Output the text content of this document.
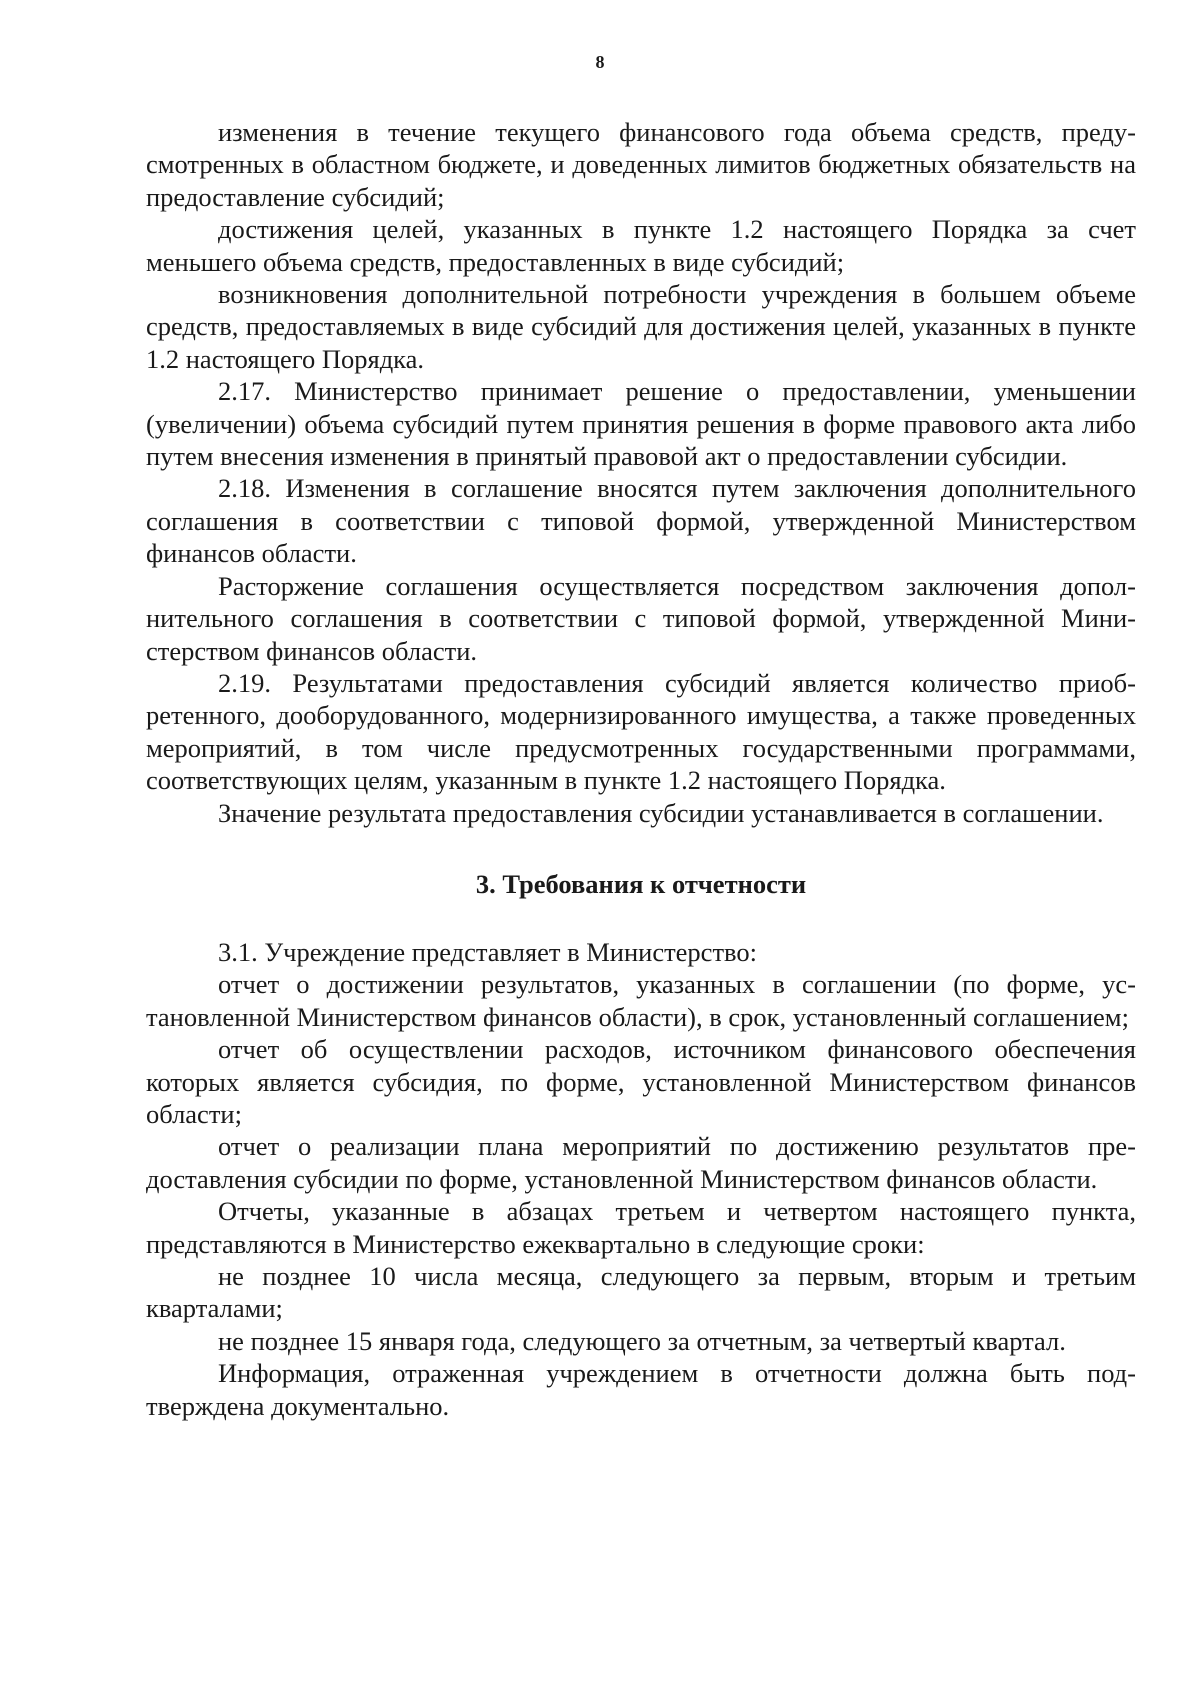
8

изменения в течение текущего финансового года объема средств, предусмотренных в областном бюджете, и доведенных лимитов бюджетных обязательств на предоставление субсидий;

достижения целей, указанных в пункте 1.2 настоящего Порядка за счет меньшего объема средств, предоставленных в виде субсидий;

возникновения дополнительной потребности учреждения в большем объеме средств, предоставляемых в виде субсидий для достижения целей, указанных в пункте 1.2 настоящего Порядка.

2.17. Министерство принимает решение о предоставлении, уменьшении (увеличении) объема субсидий путем принятия решения в форме правового акта либо путем внесения изменения в принятый правовой акт о предоставлении субсидии.

2.18. Изменения в соглашение вносятся путем заключения дополнительного соглашения в соответствии с типовой формой, утвержденной Министерством финансов области.

Расторжение соглашения осуществляется посредством заключения дополнительного соглашения в соответствии с типовой формой, утвержденной Министерством финансов области.

2.19. Результатами предоставления субсидий является количество приобретенного, дооборудованного, модернизированного имущества, а также проведенных мероприятий, в том числе предусмотренных государственными программами, соответствующих целям, указанным в пункте 1.2 настоящего Порядка.

Значение результата предоставления субсидии устанавливается в соглашении.

3. Требования к отчетности

3.1. Учреждение представляет в Министерство:

отчет о достижении результатов, указанных в соглашении (по форме, установленной Министерством финансов области), в срок, установленный соглашением;

отчет об осуществлении расходов, источником финансового обеспечения которых является субсидия, по форме, установленной Министерством финансов области;

отчет о реализации плана мероприятий по достижению результатов предоставления субсидии по форме, установленной Министерством финансов области.

Отчеты, указанные в абзацах третьем и четвертом настоящего пункта, представляются в Министерство ежеквартально в следующие сроки:

не позднее 10 числа месяца, следующего за первым, вторым и третьим кварталами;

не позднее 15 января года, следующего за отчетным, за четвертый квартал.

Информация, отраженная учреждением в отчетности должна быть подтверждена документально.
